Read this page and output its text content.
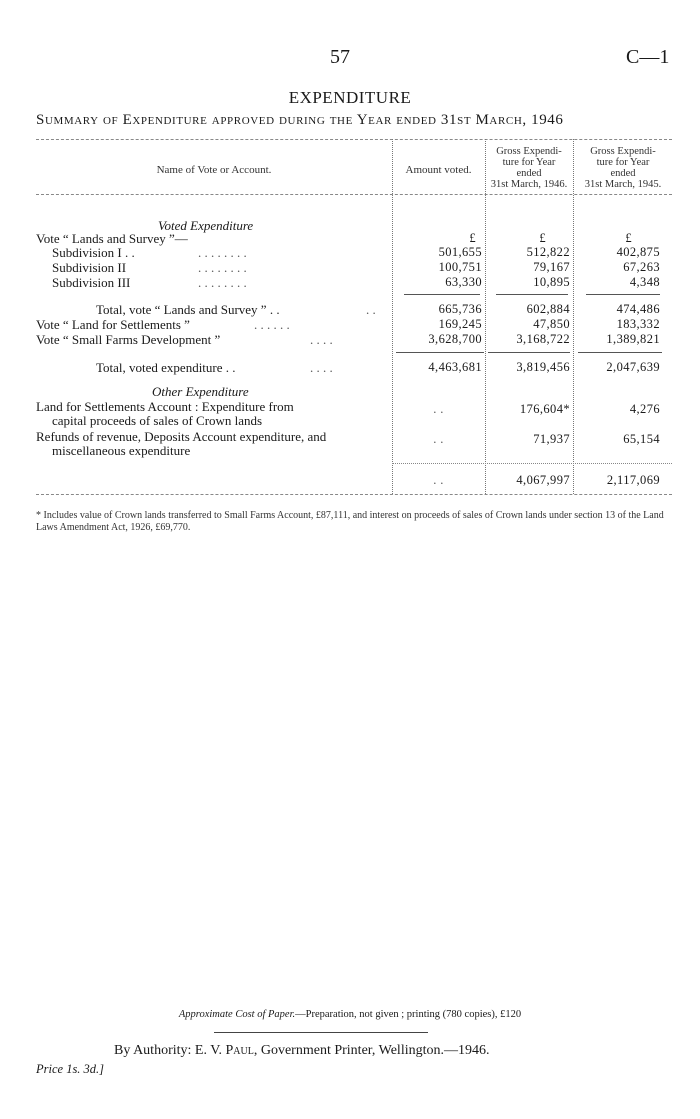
57	C—1
EXPENDITURE
Summary of Expenditure approved during the Year ended 31st March, 1946
Name of Vote or Account.	Amount voted.
Gross Expendi-
ture for Year
ended
31st March, 1946.
Gross Expendi-
ture for Year
ended
31st March, 1945.
Voted Expenditure
Vote “ Lands and Survey ”—	£	£	£
Subdivision I . .	. . . . . . . .	501,655	512,822	402,875
Subdivision II	. . . . . . . .	100,751	79,167	67,263
Subdivision III	. . . . . . . .	63,330	10,895	4,348
Total, vote “ Lands and Survey ” . .	. .	665,736	602,884	474,486
Vote “ Land for Settlements ”	. . . . . .	169,245	47,850	183,332
Vote “ Small Farms Development ”	. . . .	3,628,700	3,168,722	1,389,821
Total, voted expenditure . .	. . . .	4,463,681	3,819,456	2,047,639
Other Expenditure
Land for Settlements Account : Expenditure from
capital proceeds of sales of Crown lands
. .	176,604*	4,276
Refunds of revenue, Deposits Account expenditure, and
miscellaneous expenditure
. .	71,937	65,154
. .	4,067,997	2,117,069
* Includes value of Crown lands transferred to Small Farms Account, £87,111, and interest on proceeds of sales of Crown lands under section 13 of the Land Laws Amendment Act, 1926, £69,770.
Approximate Cost of Paper.—Preparation, not given ; printing (780 copies), £120
By Authority: E. V. Paul, Government Printer, Wellington.—1946.
Price 1s. 3d.]
